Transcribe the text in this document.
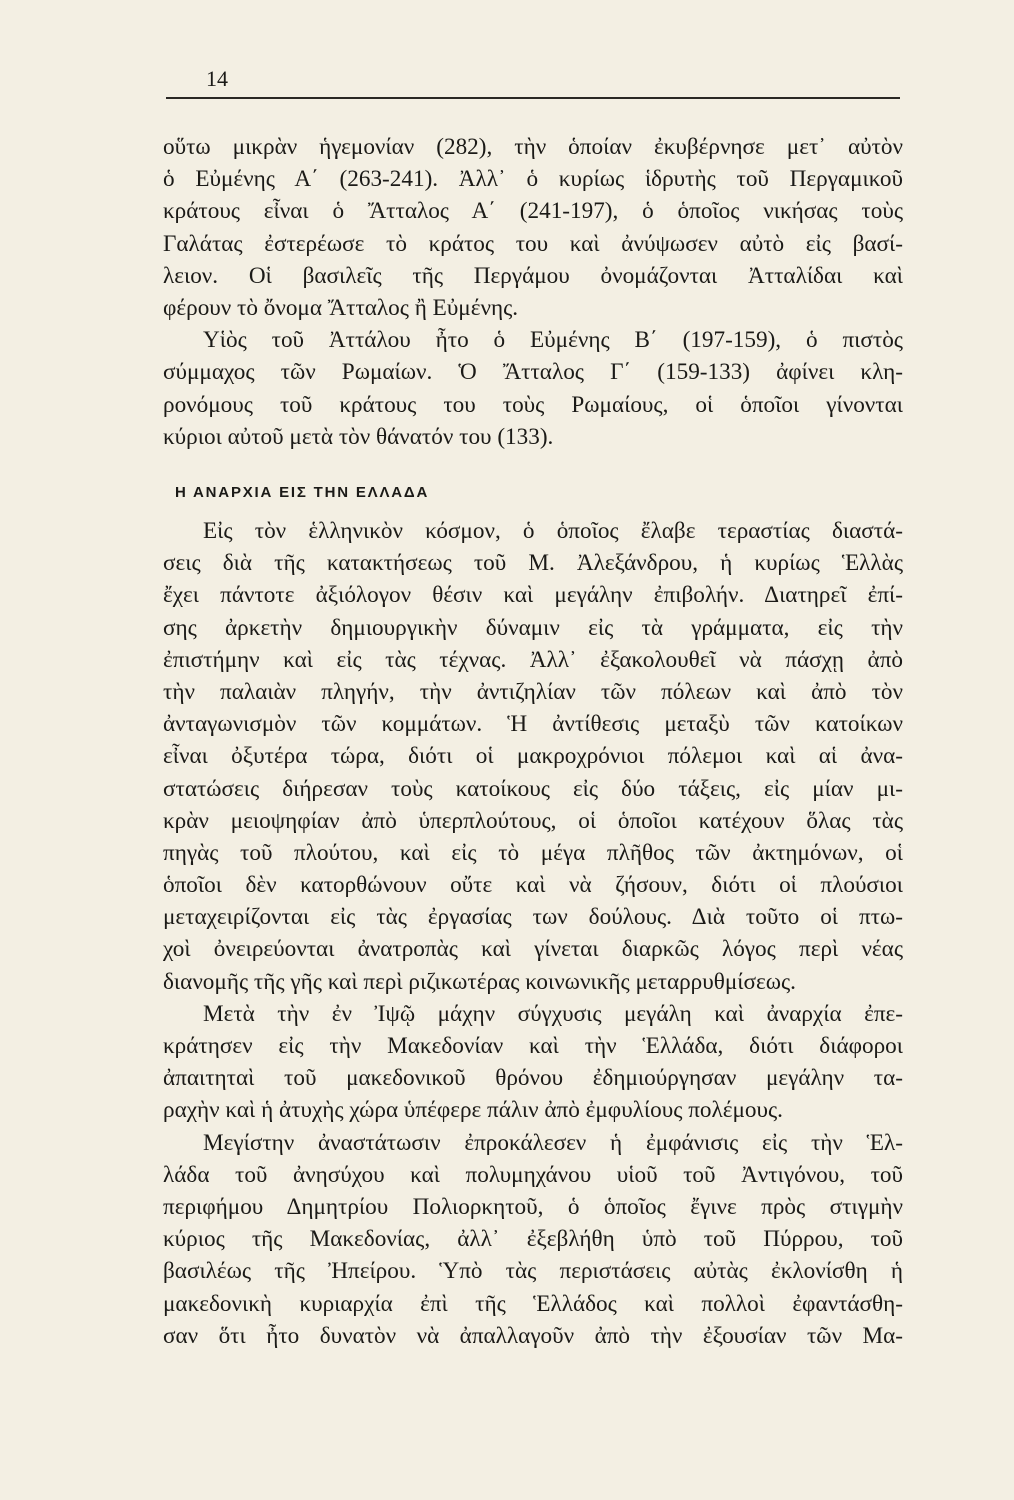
14
οὕτω μικρὰν ἡγεμονίαν (282), τὴν ὁποίαν ἐκυβέρνησε μετ᾽ αὐτὸν
ὁ Εὐμένης Α΄ (263-241). Ἀλλ᾽ ὁ κυρίως ἱδρυτὴς τοῦ Περγαμικοῦ
κράτους εἶναι ὁ Ἄτταλος Α΄ (241-197), ὁ ὁποῖος νικήσας τοὺς
Γαλάτας ἐστερέωσε τὸ κράτος του καὶ ἀνύψωσεν αὐτὸ εἰς βασί-
λειον. Οἱ βασιλεῖς τῆς Περγάμου ὀνομάζονται Ἀτταλίδαι καὶ
φέρουν τὸ ὄνομα Ἄτταλος ἢ Εὐμένης.
Υἱὸς τοῦ Ἀττάλου ἦτο ὁ Εὐμένης Β΄ (197-159), ὁ πιστὸς
σύμμαχος τῶν Ρωμαίων. Ὁ Ἄτταλος Γ΄ (159-133) ἀφίνει κλη-
ρονόμους τοῦ κράτους του τοὺς Ρωμαίους, οἱ ὁποῖοι γίνονται
κύριοι αὐτοῦ μετὰ τὸν θάνατόν του (133).
Η ΑΝΑΡΧΙΑ ΕΙΣ ΤΗΝ ΕΛΛΑΔΑ
Εἰς τὸν ἑλληνικὸν κόσμον, ὁ ὁποῖος ἔλαβε τεραστίας διαστά-
σεις διὰ τῆς κατακτήσεως τοῦ Μ. Ἀλεξάνδρου, ἡ κυρίως Ἑλλὰς
ἔχει πάντοτε ἀξιόλογον θέσιν καὶ μεγάλην ἐπιβολήν. Διατηρεῖ ἐπί-
σης ἀρκετὴν δημιουργικὴν δύναμιν εἰς τὰ γράμματα, εἰς τὴν
ἐπιστήμην καὶ εἰς τὰς τέχνας. Ἀλλ᾽ ἐξακολουθεῖ νὰ πάσχῃ ἀπὸ
τὴν παλαιὰν πληγήν, τὴν ἀντιζηλίαν τῶν πόλεων καὶ ἀπὸ τὸν
ἀνταγωνισμὸν τῶν κομμάτων. Ἡ ἀντίθεσις μεταξὺ τῶν κατοίκων
εἶναι ὀξυτέρα τώρα, διότι οἱ μακροχρόνιοι πόλεμοι καὶ αἱ ἀνα-
στατώσεις διήρεσαν τοὺς κατοίκους εἰς δύο τάξεις, εἰς μίαν μι-
κρὰν μειοψηφίαν ἀπὸ ὑπερπλούτους, οἱ ὁποῖοι κατέχουν ὅλας τὰς
πηγὰς τοῦ πλούτου, καὶ εἰς τὸ μέγα πλῆθος τῶν ἀκτημόνων, οἱ
ὁποῖοι δὲν κατορθώνουν οὔτε καὶ νὰ ζήσουν, διότι οἱ πλούσιοι
μεταχειρίζονται εἰς τὰς ἐργασίας των δούλους. Διὰ τοῦτο οἱ πτω-
χοὶ ὀνειρεύονται ἀνατροπὰς καὶ γίνεται διαρκῶς λόγος περὶ νέας
διανομῆς τῆς γῆς καὶ περὶ ριζικωτέρας κοινωνικῆς μεταρρυθμίσεως.
Μετὰ τὴν ἐν Ἰψῷ μάχην σύγχυσις μεγάλη καὶ ἀναρχία ἐπε-
κράτησεν εἰς τὴν Μακεδονίαν καὶ τὴν Ἑλλάδα, διότι διάφοροι
ἀπαιτηταὶ τοῦ μακεδονικοῦ θρόνου ἐδημιούργησαν μεγάλην τα-
ραχὴν καὶ ἡ ἀτυχὴς χώρα ὑπέφερε πάλιν ἀπὸ ἐμφυλίους πολέμους.
Μεγίστην ἀναστάτωσιν ἐπροκάλεσεν ἡ ἐμφάνισις εἰς τὴν Ἑλ-
λάδα τοῦ ἀνησύχου καὶ πολυμηχάνου υἱοῦ τοῦ Ἀντιγόνου, τοῦ
περιφήμου Δημητρίου Πολιορκητοῦ, ὁ ὁποῖος ἔγινε πρὸς στιγμὴν
κύριος τῆς Μακεδονίας, ἀλλ᾽ ἐξεβλήθη ὑπὸ τοῦ Πύρρου, τοῦ
βασιλέως τῆς Ἠπείρου. Ὑπὸ τὰς περιστάσεις αὐτὰς ἐκλονίσθη ἡ
μακεδονικὴ κυριαρχία ἐπὶ τῆς Ἑλλάδος καὶ πολλοὶ ἐφαντάσθη-
σαν ὅτι ἦτο δυνατὸν νὰ ἀπαλλαγοῦν ἀπὸ τὴν ἐξουσίαν τῶν Μα-
